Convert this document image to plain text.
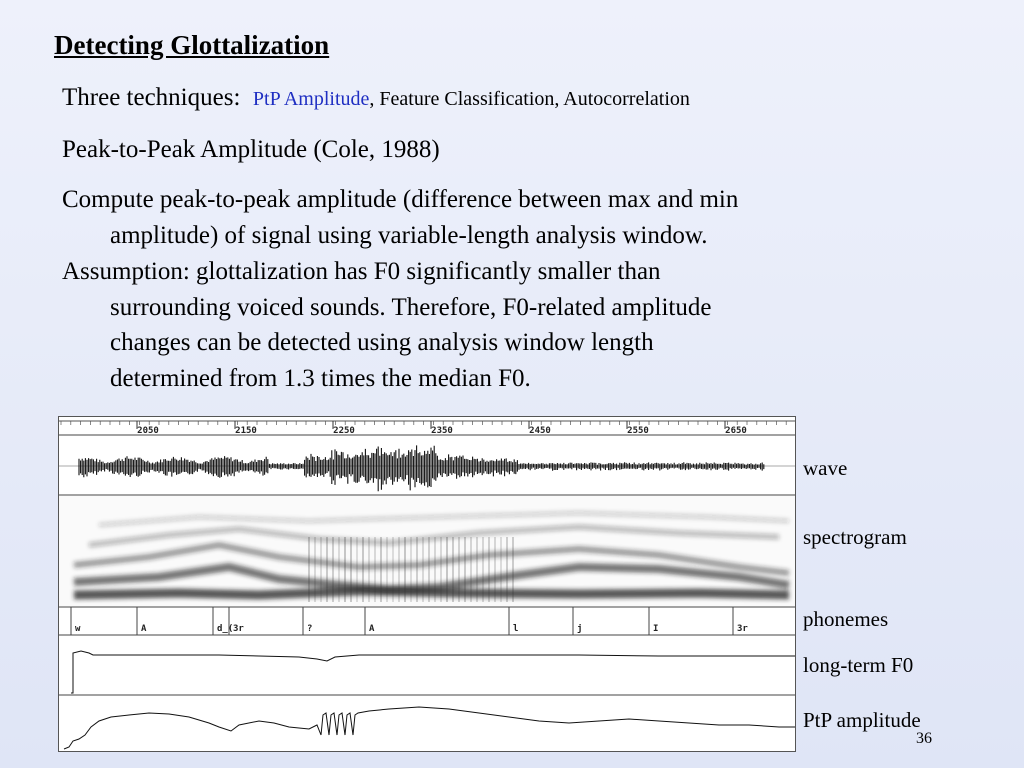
Detecting Glottalization
Three techniques: PtP Amplitude, Feature Classification, Autocorrelation
Peak-to-Peak Amplitude (Cole, 1988)
Compute peak-to-peak amplitude (difference between max and min
amplitude) of signal using variable-length analysis window.
Assumption: glottalization has F0 significantly smaller than
surrounding voiced sounds. Therefore, F0-related amplitude
changes can be detected using analysis window length
determined from 1.3 times the median F0.
2050	2150	2250	2350	2450	2550	2650
w	A	d_( 3r	?	A	l	j	I	3r
wave
spectrogram
phonemes
long-term F0
PtP amplitude
36
